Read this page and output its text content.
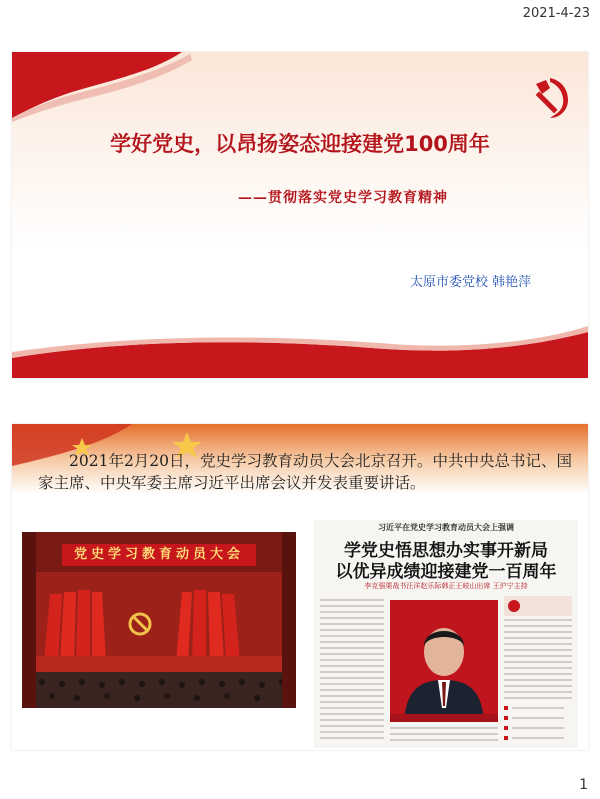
2021-4-23
学好党史，以昂扬姿态迎接建党100周年
——贯彻落实党史学习教育精神
太原市委党校 韩艳萍
2021年2月20日，党史学习教育动员大会北京召开。中共中央总书记、国家主席、中央军委主席习近平出席会议并发表重要讲话。
党史学习教育动员大会
习近平在党史学习教育动员大会上强调
学党史悟思想办实事开新局
以优异成绩迎接建党一百周年
李克强栗战书汪洋赵乐际韩正王岐山出席 王沪宁主持
1
